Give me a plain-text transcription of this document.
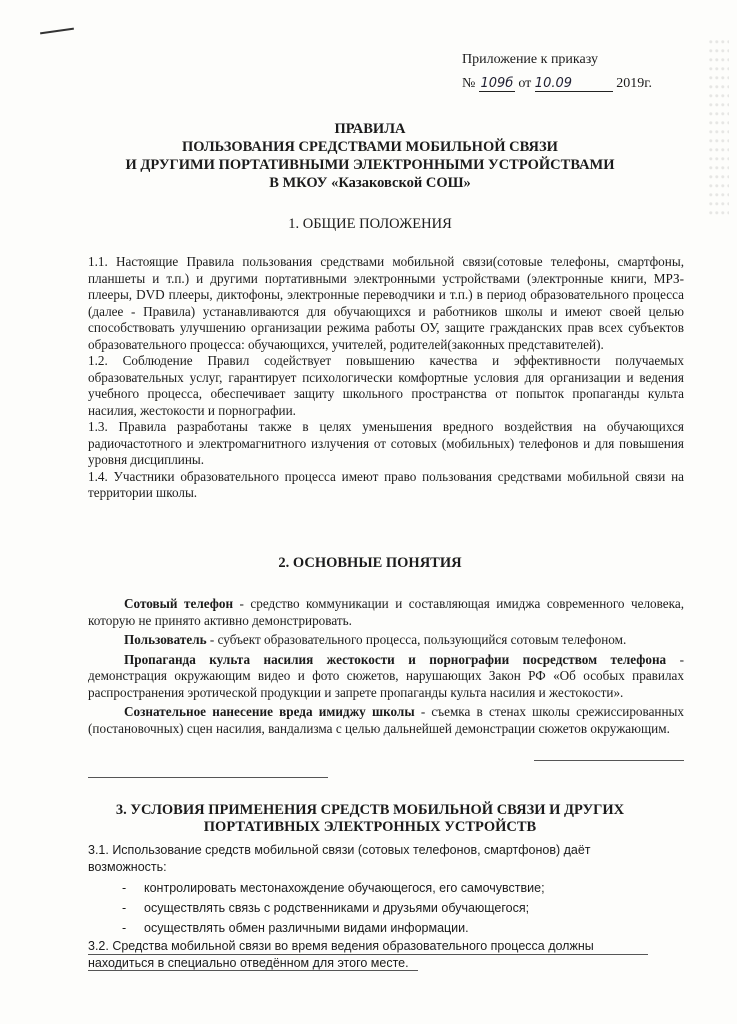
Приложение к приказу
№ 109б от 10.09	2019г.
ПРАВИЛА
ПОЛЬЗОВАНИЯ СРЕДСТВАМИ МОБИЛЬНОЙ СВЯЗИ
И ДРУГИМИ ПОРТАТИВНЫМИ ЭЛЕКТРОННЫМИ УСТРОЙСТВАМИ
В МКОУ «Казаковской СОШ»
1. ОБЩИЕ ПОЛОЖЕНИЯ

1.1. Настоящие Правила пользования средствами мобильной связи(сотовые телефоны, смартфоны, планшеты и т.п.) и другими портативными электронными устройствами (электронные книги, МРЗ-плееры, DVD плееры, диктофоны, электронные переводчики и т.п.) в период образовательного процесса (далее - Правила) устанавливаются для обучающихся и работников школы и имеют своей целью способствовать улучшению организации режима работы ОУ, защите гражданских прав всех субъектов образовательного процесса: обучающихся, учителей, родителей(законных представителей).

1.2. Соблюдение Правил содействует повышению качества и эффективности получаемых образовательных услуг, гарантирует психологически комфортные условия для организации и ведения учебного процесса, обеспечивает защиту школьного пространства от попыток пропаганды культа насилия, жестокости и порнографии.

1.3. Правила разработаны также в целях уменьшения вредного воздействия на обучающихся радиочастотного и электромагнитного излучения от сотовых (мобильных) телефонов и для повышения уровня дисциплины.

1.4. Участники образовательного процесса имеют право пользования средствами мобильной связи на территории школы.

2. ОСНОВНЫЕ ПОНЯТИЯ

Сотовый телефон - средство коммуникации и составляющая имиджа современного человека, которую не принято активно демонстрировать.

Пользователь - субъект образовательного процесса, пользующийся сотовым телефоном.

Пропаганда культа насилия жестокости и порнографии посредством телефона - демонстрация окружающим видео и фото сюжетов, нарушающих Закон РФ «Об особых правилах распространения эротической продукции и запрете пропаганды культа насилия и жестокости».

Сознательное нанесение вреда имиджу школы - съемка в стенах школы срежиссированных (постановочных) сцен насилия, вандализма с целью дальнейшей демонстрации сюжетов окружающим.

3. УСЛОВИЯ ПРИМЕНЕНИЯ СРЕДСТВ МОБИЛЬНОЙ СВЯЗИ И ДРУГИХ
ПОРТАТИВНЫХ ЭЛЕКТРОННЫХ УСТРОЙСТВ

3.1. Использование средств мобильной связи (сотовых телефонов, смартфонов) даёт

возможность:

- контролировать местонахождение обучающегося, его самочувствие;
- осуществлять связь с родственниками и друзьями обучающегося;
- осуществлять обмен различными видами информации.

3.2. Средства мобильной связи во время ведения образовательного процесса должны

находиться в специально отведённом для этого месте.
